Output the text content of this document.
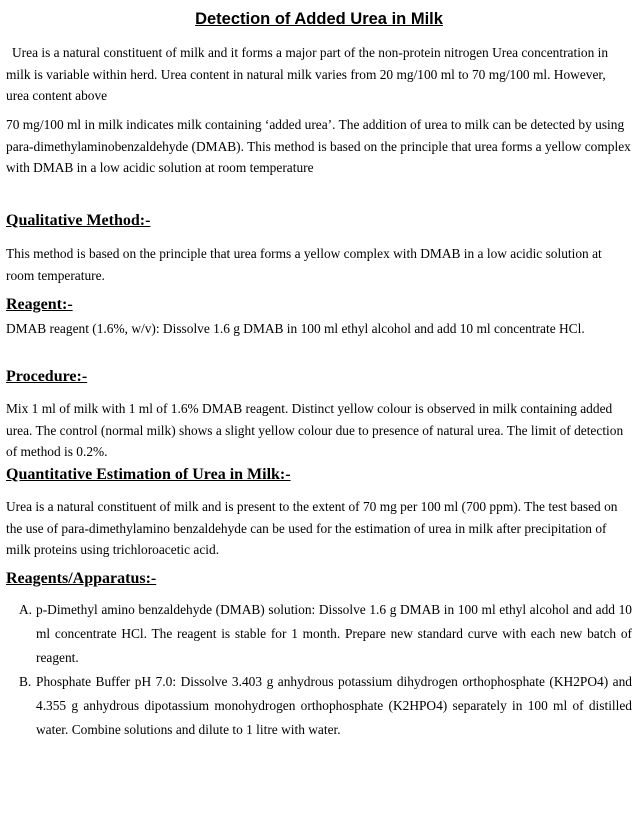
Detection of Added Urea in Milk

Urea is a natural constituent of milk and it forms a major part of the non-protein nitrogen Urea concentration in milk is variable within herd. Urea content in natural milk varies from 20 mg/100 ml to 70 mg/100 ml. However, urea content above

70 mg/100 ml in milk indicates milk containing ‘added urea’. The addition of urea to milk can be detected by using para-dimethylaminobenzaldehyde (DMAB). This method is based on the principle that urea forms a yellow complex with DMAB in a low acidic solution at room temperature

Qualitative Method:-

This method is based on the principle that urea forms a yellow complex with DMAB in a low acidic solution at room temperature.

Reagent:-

DMAB reagent (1.6%, w/v): Dissolve 1.6 g DMAB in 100 ml ethyl alcohol and add 10 ml concentrate HCl.

Procedure:-

Mix 1 ml of milk with 1 ml of 1.6% DMAB reagent. Distinct yellow colour is observed in milk containing added urea. The control (normal milk) shows a slight yellow colour due to presence of natural urea. The limit of detection of method is 0.2%.

Quantitative Estimation of Urea in Milk:-

Urea is a natural constituent of milk and is present to the extent of 70 mg per 100 ml (700 ppm). The test based on the use of para-dimethylamino benzaldehyde can be used for the estimation of urea in milk after precipitation of milk proteins using trichloroacetic acid.

Reagents/Apparatus:-
A. p-Dimethyl amino benzaldehyde (DMAB) solution: Dissolve 1.6 g DMAB in 100 ml ethyl alcohol and add 10 ml concentrate HCl. The reagent is stable for 1 month. Prepare new standard curve with each new batch of reagent.
B. Phosphate Buffer pH 7.0: Dissolve 3.403 g anhydrous potassium dihydrogen orthophosphate (KH2PO4) and 4.355 g anhydrous dipotassium monohydrogen orthophosphate (K2HPO4) separately in 100 ml of distilled water. Combine solutions and dilute to 1 litre with water.
